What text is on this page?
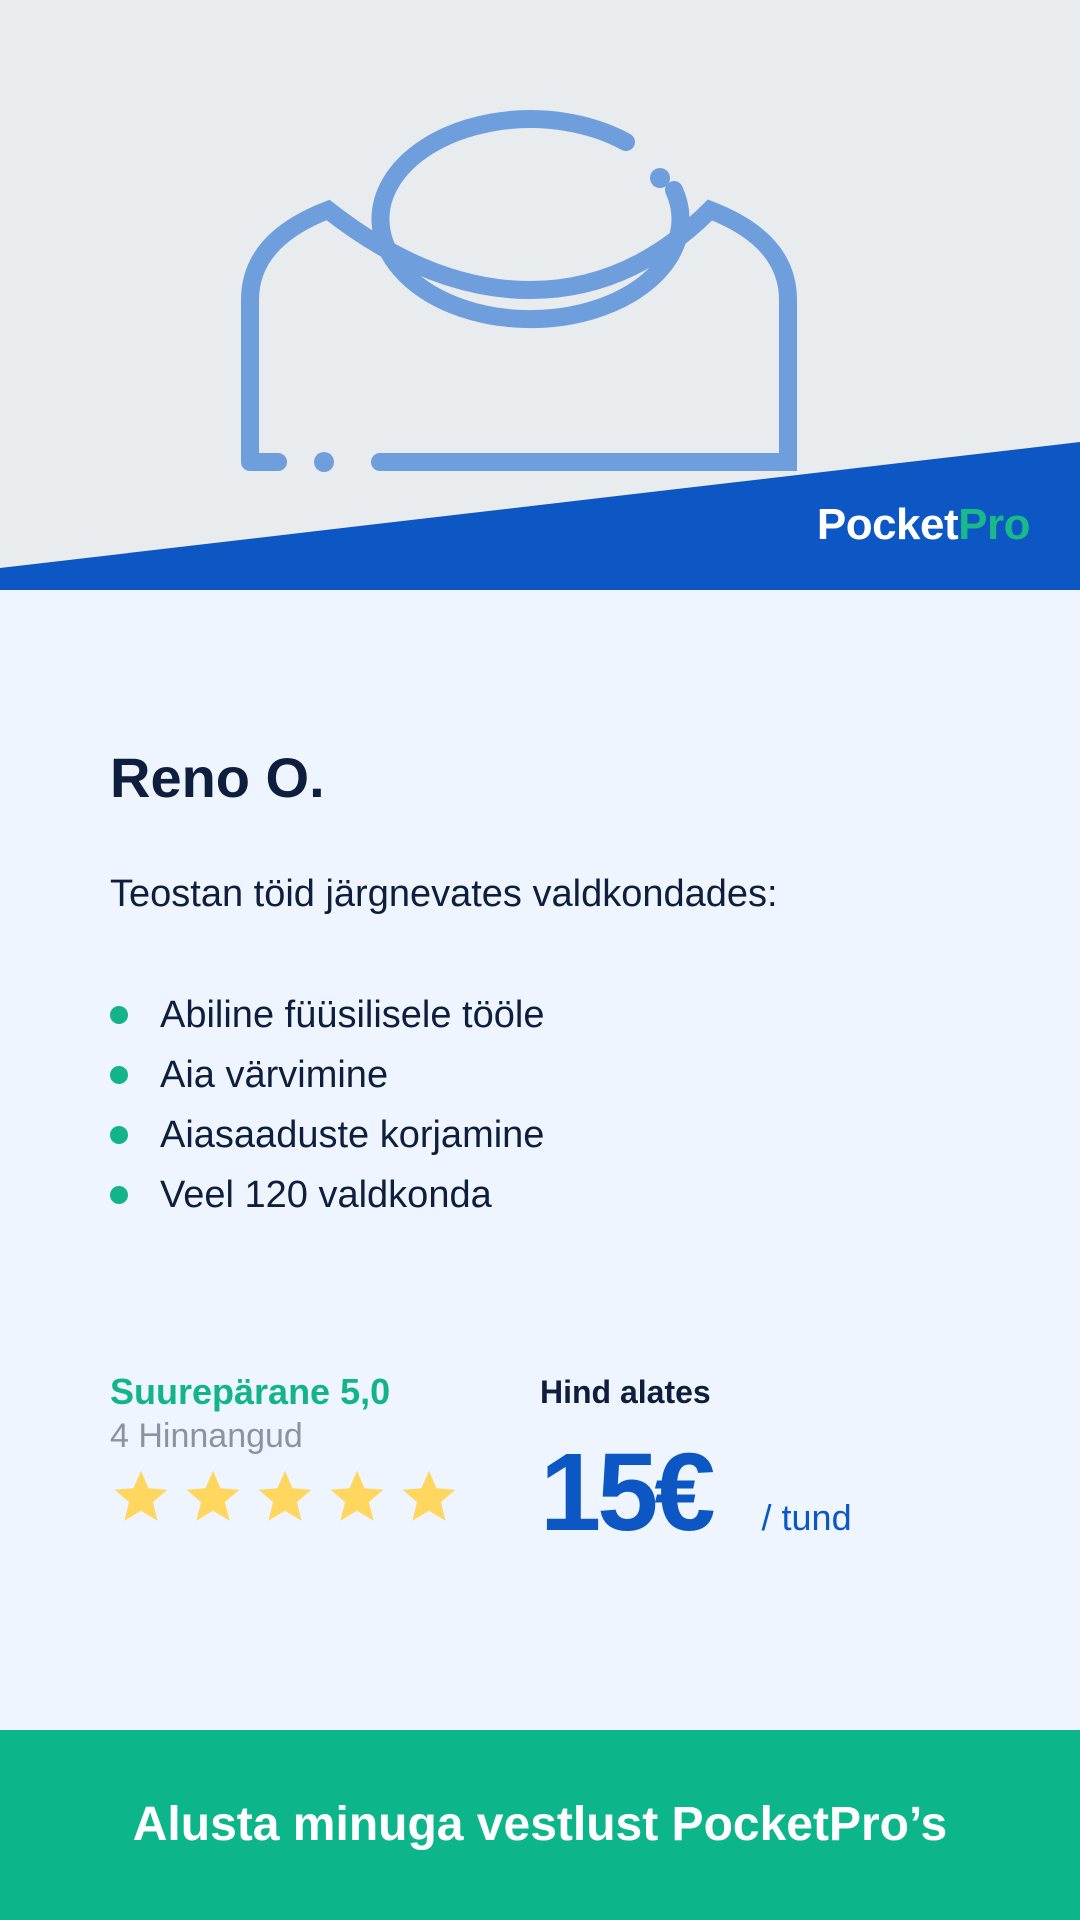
PocketPro
Reno O.

Teostan töid järgnevates valdkondades:

Abiline füüsilisele tööle
Aia värvimine
Aiasaaduste korjamine
Veel 120 valdkonda
Suurepärane 5,0
4 Hinnangud
Hind alates
15€ / tund
Alusta minuga vestlust PocketPro’s
